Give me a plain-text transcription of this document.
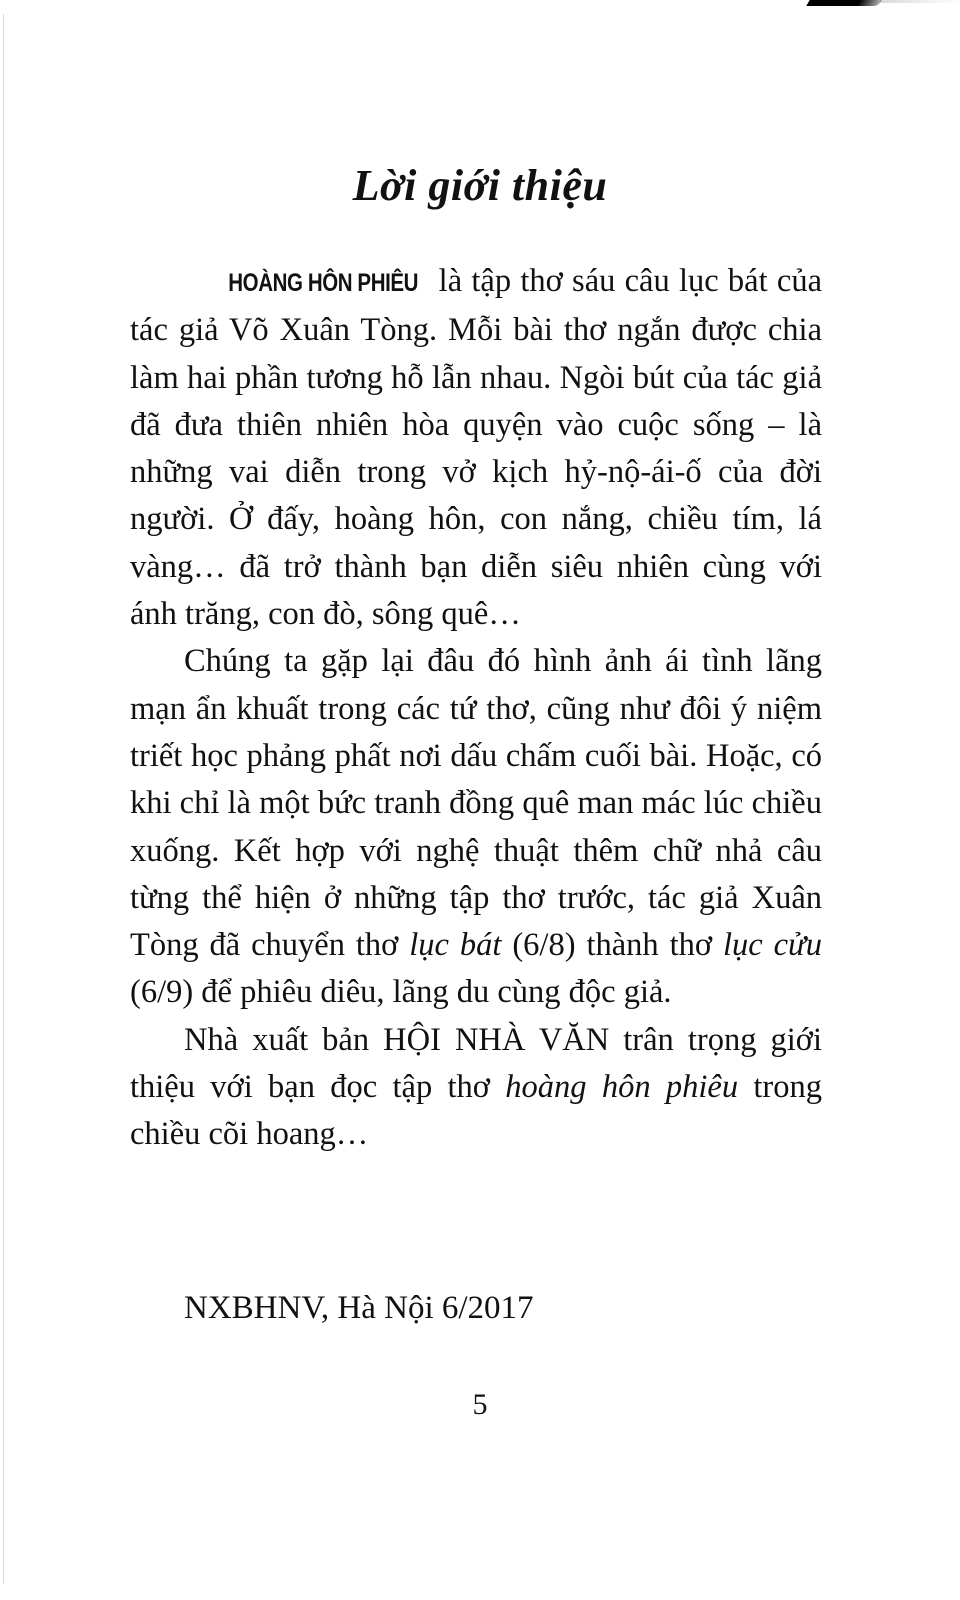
Lời giới thiệu

HOÀNG HÔN PHIÊU là tập thơ sáu câu lục bát của tác giả Võ Xuân Tòng. Mỗi bài thơ ngắn được chia làm hai phần tương hỗ lẫn nhau. Ngòi bút của tác giả đã đưa thiên nhiên hòa quyện vào cuộc sống – là những vai diễn trong vở kịch hỷ-nộ-ái-ố của đời người. Ở đấy, hoàng hôn, con nắng, chiều tím, lá vàng… đã trở thành bạn diễn siêu nhiên cùng với ánh trăng, con đò, sông quê…

Chúng ta gặp lại đâu đó hình ảnh ái tình lãng mạn ẩn khuất trong các tứ thơ, cũng như đôi ý niệm triết học phảng phất nơi dấu chấm cuối bài. Hoặc, có khi chỉ là một bức tranh đồng quê man mác lúc chiều xuống. Kết hợp với nghệ thuật thêm chữ nhả câu từng thể hiện ở những tập thơ trước, tác giả Xuân Tòng đã chuyển thơ lục bát (6/8) thành thơ lục cửu (6/9) để phiêu diêu, lãng du cùng độc giả.

Nhà xuất bản HỘI NHÀ VĂN trân trọng giới thiệu với bạn đọc tập thơ hoàng hôn phiêu trong chiều cõi hoang…

NXBHNV, Hà Nội 6/2017

5
